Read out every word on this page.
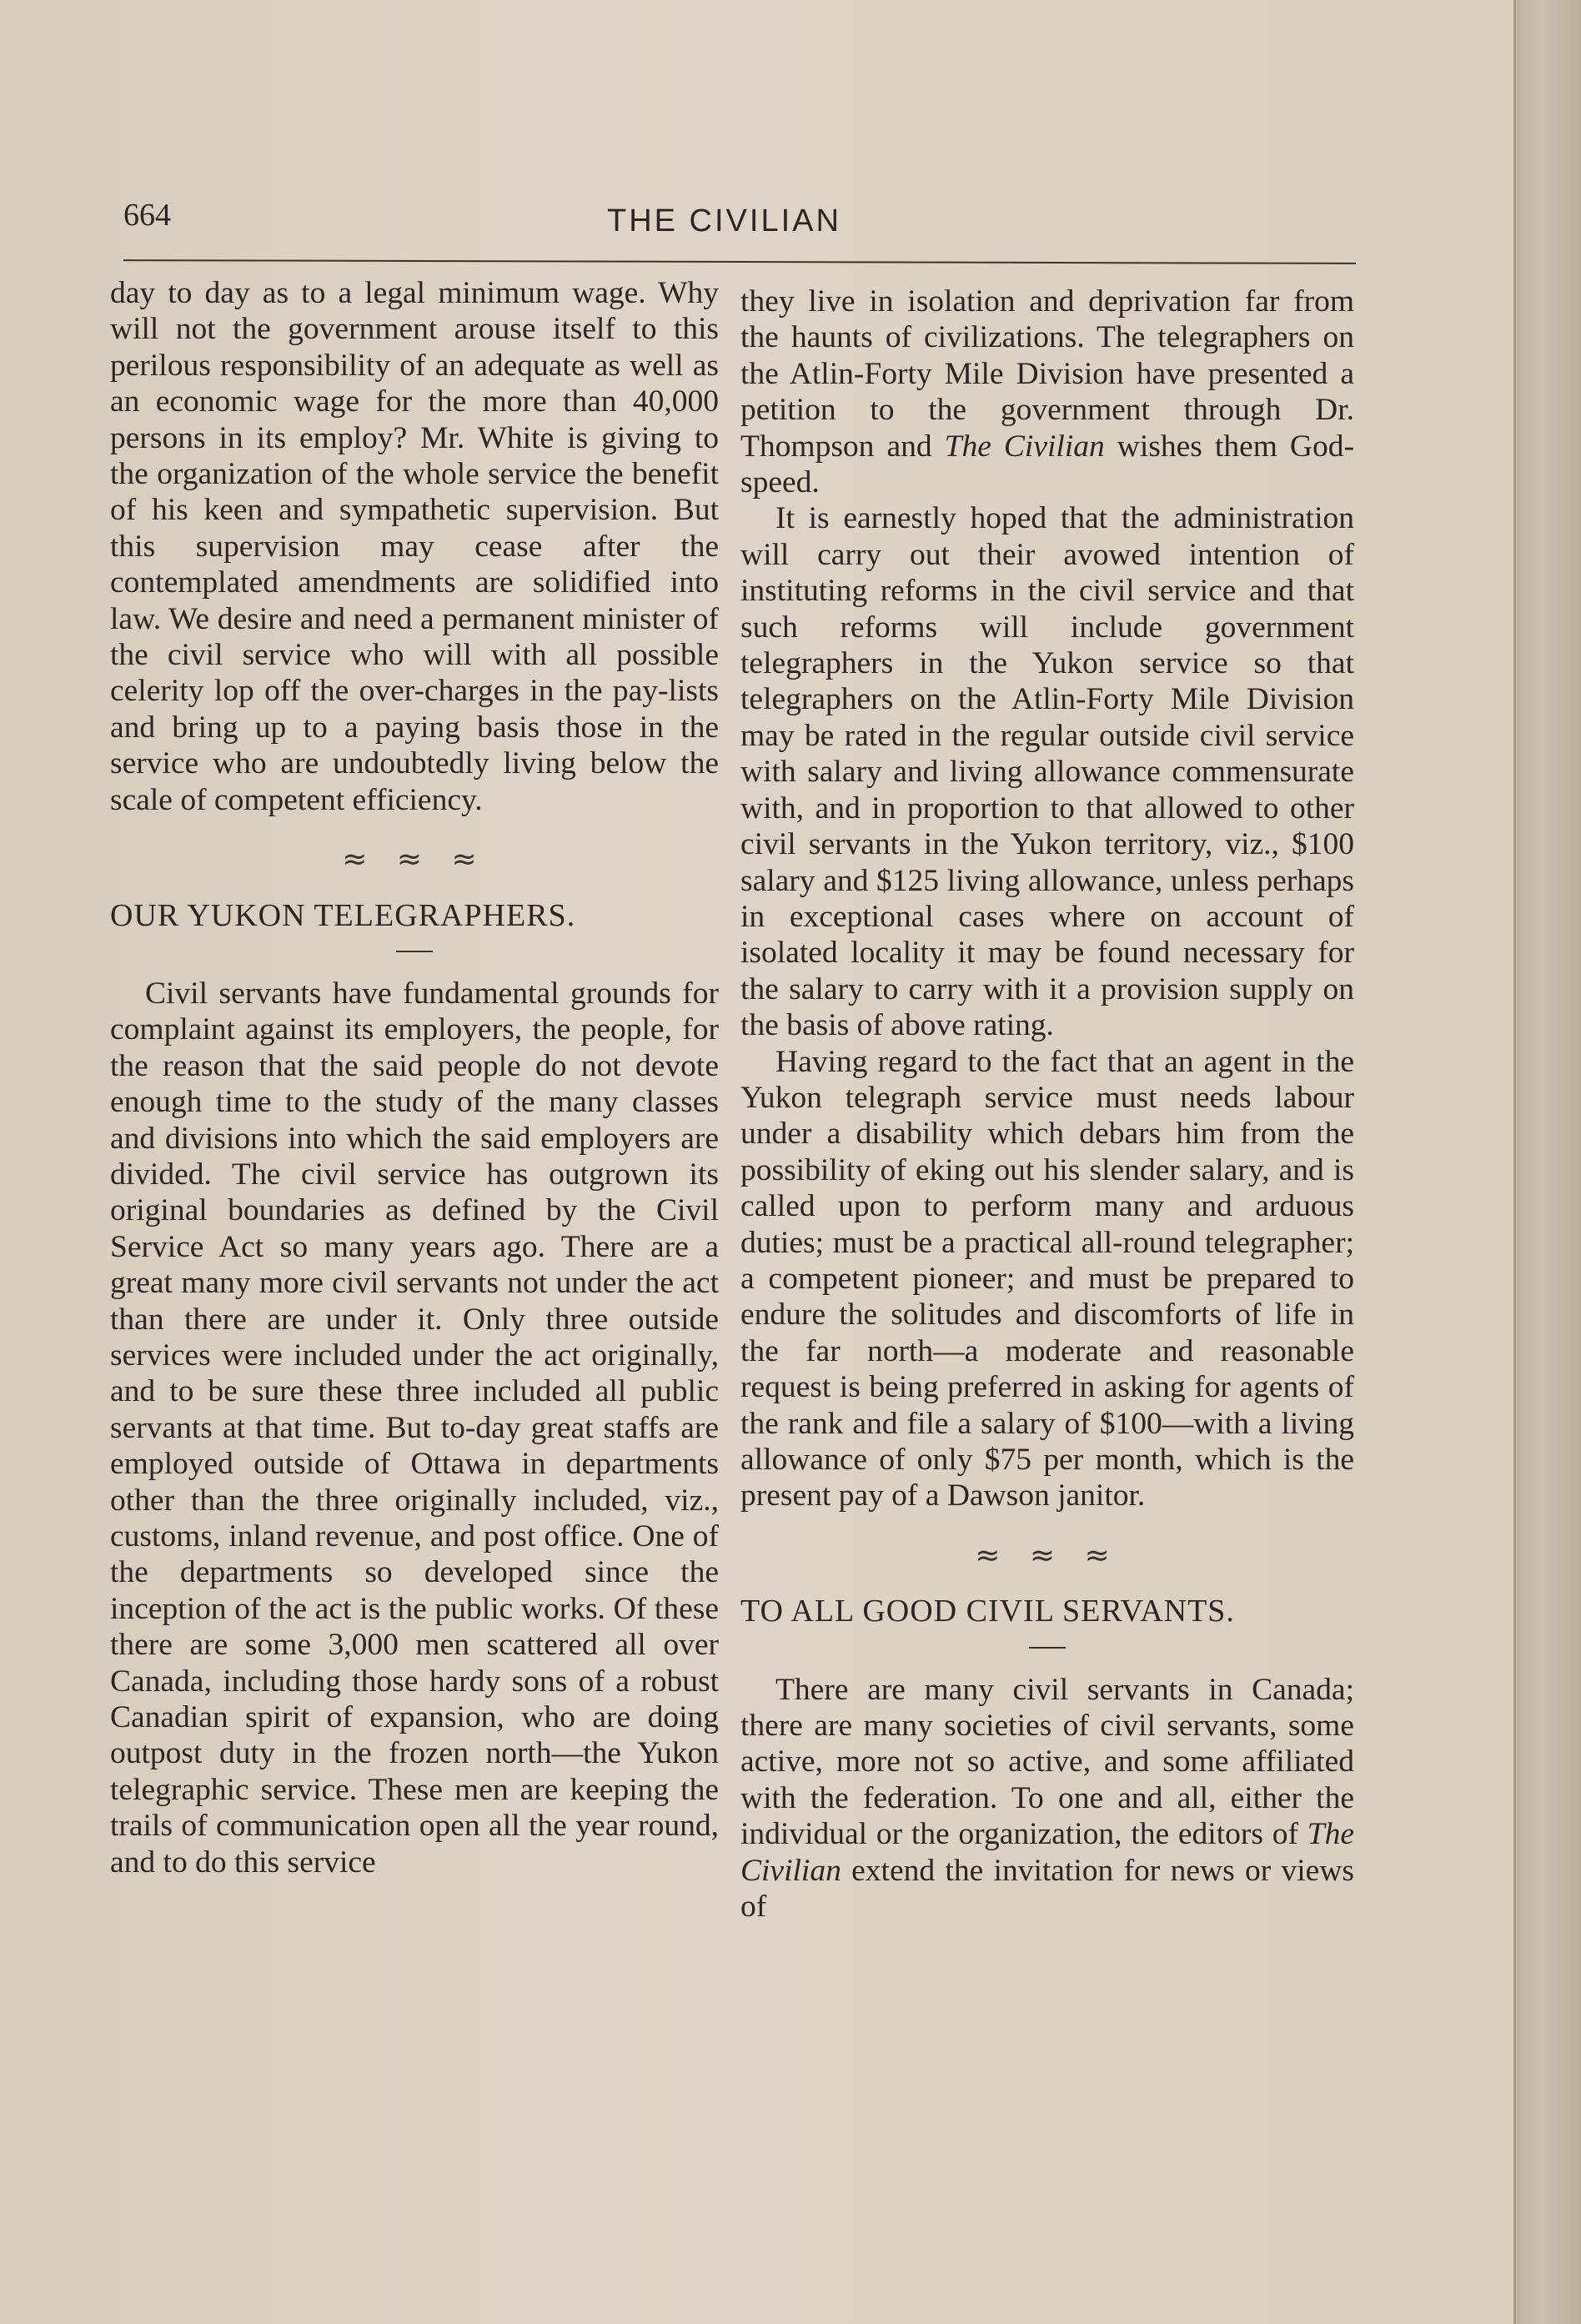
664	THE CIVILIAN

day to day as to a legal minimum wage. Why will not the government arouse itself to this perilous responsibility of an adequate as well as an economic wage for the more than 40,000 persons in its employ? Mr. White is giving to the organization of the whole service the benefit of his keen and sympathetic supervision. But this supervision may cease after the contemplated amendments are solidified into law. We desire and need a permanent minister of the civil service who will with all possible celerity lop off the over-charges in the pay-lists and bring up to a paying basis those in the service who are undoubtedly living below the scale of competent efficiency.

≈ ≈ ≈
OUR YUKON TELEGRAPHERS.

Civil servants have fundamental grounds for complaint against its employers, the people, for the reason that the said people do not devote enough time to the study of the many classes and divisions into which the said employers are divided. The civil service has outgrown its original boundaries as defined by the Civil Service Act so many years ago. There are a great many more civil servants not under the act than there are under it. Only three outside services were included under the act originally, and to be sure these three included all public servants at that time. But to-day great staffs are employed outside of Ottawa in departments other than the three originally included, viz., customs, inland revenue, and post office. One of the departments so developed since the inception of the act is the public works. Of these there are some 3,000 men scattered all over Canada, including those hardy sons of a robust Canadian spirit of expansion, who are doing outpost duty in the frozen north—the Yukon telegraphic service. These men are keeping the trails of communication open all the year round, and to do this service

they live in isolation and deprivation far from the haunts of civilizations. The telegraphers on the Atlin-Forty Mile Division have presented a petition to the government through Dr. Thompson and The Civilian wishes them God-speed.

It is earnestly hoped that the administration will carry out their avowed intention of instituting reforms in the civil service and that such reforms will include government telegraphers in the Yukon service so that telegraphers on the Atlin-Forty Mile Division may be rated in the regular outside civil service with salary and living allowance commensurate with, and in proportion to that allowed to other civil servants in the Yukon territory, viz., $100 salary and $125 living allowance, unless perhaps in exceptional cases where on account of isolated locality it may be found necessary for the salary to carry with it a provision supply on the basis of above rating.

Having regard to the fact that an agent in the Yukon telegraph service must needs labour under a disability which debars him from the possibility of eking out his slender salary, and is called upon to perform many and arduous duties; must be a practical all-round telegrapher; a competent pioneer; and must be prepared to endure the solitudes and discomforts of life in the far north—a moderate and reasonable request is being preferred in asking for agents of the rank and file a salary of $100—with a living allowance of only $75 per month, which is the present pay of a Dawson janitor.

≈ ≈ ≈
TO ALL GOOD CIVIL SERVANTS.

There are many civil servants in Canada; there are many societies of civil servants, some active, more not so active, and some affiliated with the federation. To one and all, either the individual or the organization, the editors of The Civilian extend the invitation for news or views of
